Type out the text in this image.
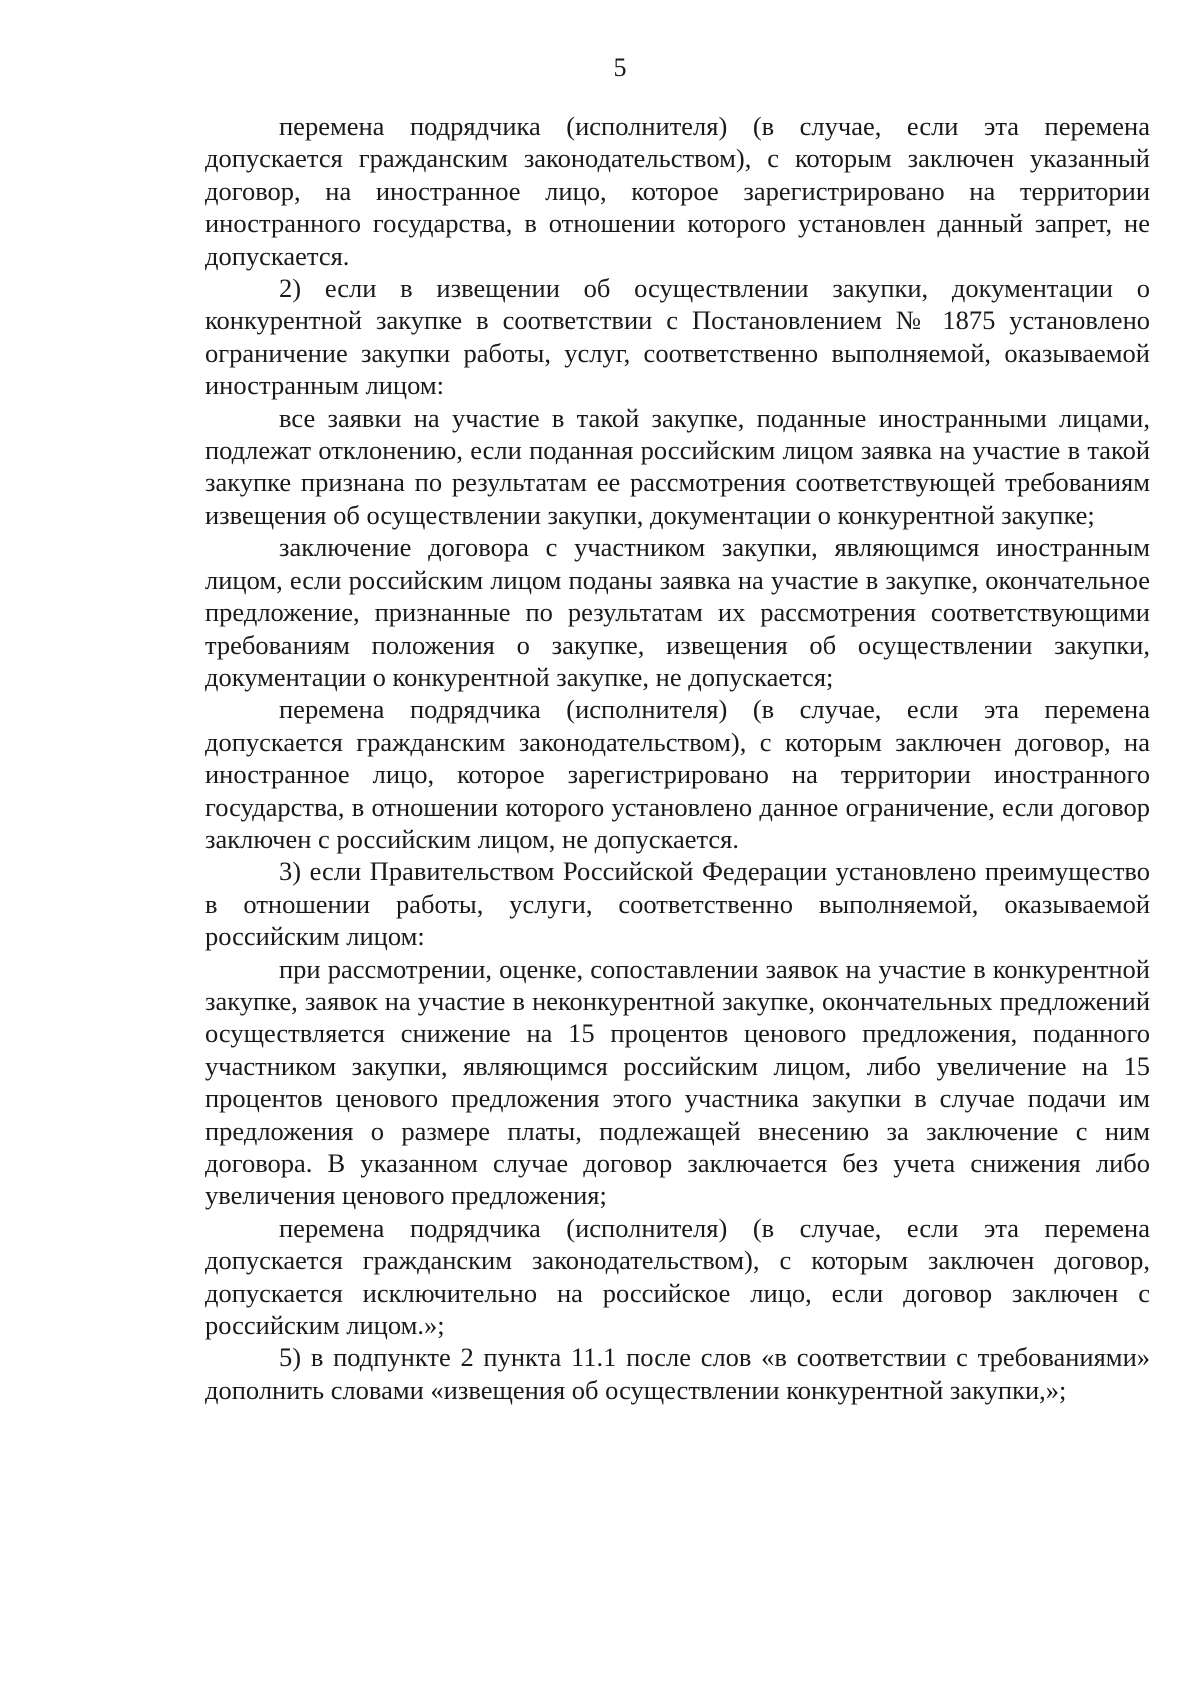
5

перемена подрядчика (исполнителя) (в случае, если эта перемена допускается гражданским законодательством), с которым заключен указанный договор, на иностранное лицо, которое зарегистрировано на территории иностранного государства, в отношении которого установлен данный запрет, не допускается.

2) если в извещении об осуществлении закупки, документации о конкурентной закупке в соответствии с Постановлением № 1875 установлено ограничение закупки работы, услуг, соответственно выполняемой, оказываемой иностранным лицом:

все заявки на участие в такой закупке, поданные иностранными лицами, подлежат отклонению, если поданная российским лицом заявка на участие в такой закупке признана по результатам ее рассмотрения соответствующей требованиям извещения об осуществлении закупки, документации о конкурентной закупке;

заключение договора с участником закупки, являющимся иностранным лицом, если российским лицом поданы заявка на участие в закупке, окончательное предложение, признанные по результатам их рассмотрения соответствующими требованиям положения о закупке, извещения об осуществлении закупки, документации о конкурентной закупке, не допускается;

перемена подрядчика (исполнителя) (в случае, если эта перемена допускается гражданским законодательством), с которым заключен договор, на иностранное лицо, которое зарегистрировано на территории иностранного государства, в отношении которого установлено данное ограничение, если договор заключен с российским лицом, не допускается.

3) если Правительством Российской Федерации установлено преимущество в отношении работы, услуги, соответственно выполняемой, оказываемой российским лицом:

при рассмотрении, оценке, сопоставлении заявок на участие в конкурентной закупке, заявок на участие в неконкурентной закупке, окончательных предложений осуществляется снижение на 15 процентов ценового предложения, поданного участником закупки, являющимся российским лицом, либо увеличение на 15 процентов ценового предложения этого участника закупки в случае подачи им предложения о размере платы, подлежащей внесению за заключение с ним договора. В указанном случае договор заключается без учета снижения либо увеличения ценового предложения;

перемена подрядчика (исполнителя) (в случае, если эта перемена допускается гражданским законодательством), с которым заключен договор, допускается исключительно на российское лицо, если договор заключен с российским лицом.»;

5) в подпункте 2 пункта 11.1 после слов «в соответствии с требованиями» дополнить словами «извещения об осуществлении конкурентной закупки,»;
